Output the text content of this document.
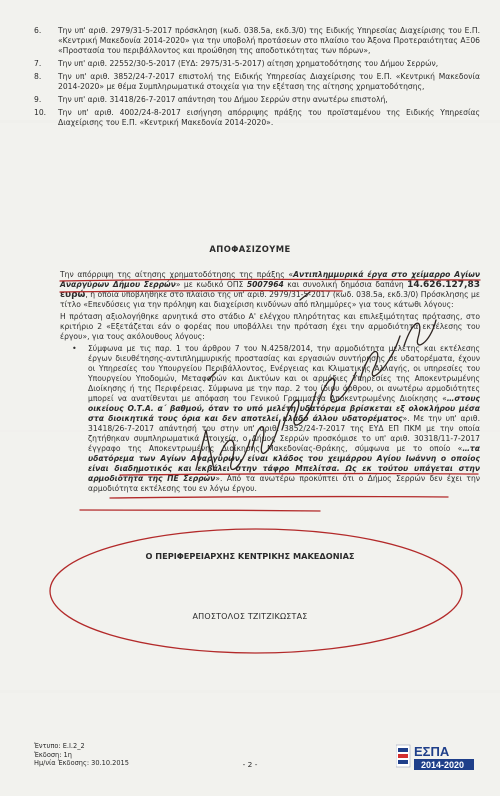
6.	Την υπ' αριθ. 2979/31-5-2017 πρόσκληση (κωδ. 038.5a, εκδ.3/0) της Ειδικής Υπηρεσίας Διαχείρισης του Ε.Π. «Κεντρική Μακεδονία 2014-2020» για την υποβολή προτάσεων στο πλαίσιο του Άξονα Προτεραιότητας ΑΞ06 «Προστασία του περιβάλλοντος και προώθηση της αποδοτικότητας των πόρων»,
7.	Την υπ' αριθ. 22552/30-5-2017 (ΕΥΔ: 2975/31-5-2017) αίτηση χρηματοδότησης του Δήμου Σερρών,
8.	Την υπ' αριθ. 3852/24-7-2017 επιστολή της Ειδικής Υπηρεσίας Διαχείρισης του Ε.Π. «Κεντρική Μακεδονία 2014-2020» με θέμα Συμπληρωματικά στοιχεία για την εξέταση της αίτησης χρηματοδότησης,
9.	Την υπ' αριθ. 31418/26-7-2017 απάντηση του Δήμου Σερρών στην ανωτέρω επιστολή,
10.	Την υπ' αριθ. 4002/24-8-2017 εισήγηση απόρριψης πράξης του προϊσταμένου της Ειδικής Υπηρεσίας Διαχείρισης του Ε.Π. «Κεντρική Μακεδονία 2014-2020».
ΑΠΟΦΑΣΙΖΟΥΜΕ
Την απόρριψη της αίτησης χρηματοδότησης της πράξης «Αντιπλημμυρικά έργα στο χείμαρρο Αγίων Αναργύρων Δήμου Σερρών» με κωδικό ΟΠΣ 5007964 και συνολική δημόσια δαπάνη 14.626.127,83 ευρώ, η οποία υποβλήθηκε στο πλαίσιο της υπ' αριθ. 2979/31-5-2017 (κωδ. 038.5a, εκδ.3/0) Πρόσκλησης με τίτλο «Επενδύσεις για την πρόληψη και διαχείριση κινδύνων από πλημμύρες» για τους κάτωθι λόγους:
Η πρόταση αξιολογήθηκε αρνητικά στο στάδιο Α' ελέγχου πληρότητας και επιλεξιμότητας πρότασης, στο κριτήριο 2 «Εξετάζεται εάν ο φορέας που υποβάλλει την πρόταση έχει την αρμοδιότητα εκτέλεσης του έργου», για τους ακόλουθους λόγους:
•	Σύμφωνα με τις παρ. 1 του άρθρου 7 του Ν.4258/2014, την αρμοδιότητα μελέτης και εκτέλεσης έργων διευθέτησης-αντιπλημμυρικής προστασίας και εργασιών συντήρησης σε υδατορέματα, έχουν οι Υπηρεσίες του Υπουργείου Περιβάλλοντος, Ενέργειας και Κλιματικής Αλλαγής, οι υπηρεσίες του Υπουργείου Υποδομών, Μεταφορών και Δικτύων και οι αρμόδιες Υπηρεσίες της Αποκεντρωμένης Διοίκησης ή της Περιφέρειας. Σύμφωνα με την παρ. 2 του ίδιου άρθρου, οι ανωτέρω αρμοδιότητες μπορεί να ανατίθενται με απόφαση του Γενικού Γραμματέα Αποκεντρωμένης Διοίκησης «…στους οικείους Ο.Τ.Α. α΄ βαθμού, όταν το υπό μελέτη υδατόρεμα βρίσκεται εξ ολοκλήρου μέσα στα διοικητικά τους όρια και δεν αποτελεί κλάδο άλλου υδατορέματος». Με την υπ' αριθ. 31418/26-7-2017 απάντησή του στην υπ' αριθ. 3852/24-7-2017 της ΕΥΔ ΕΠ ΠΚΜ με την οποία ζητήθηκαν συμπληρωματικά στοιχεία, ο Δήμος Σερρών προσκόμισε το υπ' αριθ. 30318/11-7-2017 έγγραφο της Αποκεντρωμένης Διοίκησης Μακεδονίας-Θράκης, σύμφωνα με το οποίο «…τα υδατόρεμα των Αγίων Αναργύρων, είναι κλάδος του χειμάρρου Αγίου Ιωάννη ο οποίος είναι διαδημοτικός και εκβάλει στην τάφρο Μπελίτσα. Ως εκ τούτου υπάγεται στην αρμοδιότητα της ΠΕ Σερρών». Από τα ανωτέρω προκύπτει ότι ο Δήμος Σερρών δεν έχει την αρμοδιότητα εκτέλεσης του εν λόγω έργου.
Ο ΠΕΡΙΦΕΡΕΙΑΡΧΗΣ ΚΕΝΤΡΙΚΗΣ ΜΑΚΕΔΟΝΙΑΣ
ΑΠΟΣΤΟΛΟΣ ΤΖΙΤΖΙΚΩΣΤΑΣ
Έντυπο: Ε.Ι.2_2
Έκδοση: 1η
Ημ/νία Έκδοσης: 30.10.2015	- 2 -
ΕΣΠΑ
2014-2020
